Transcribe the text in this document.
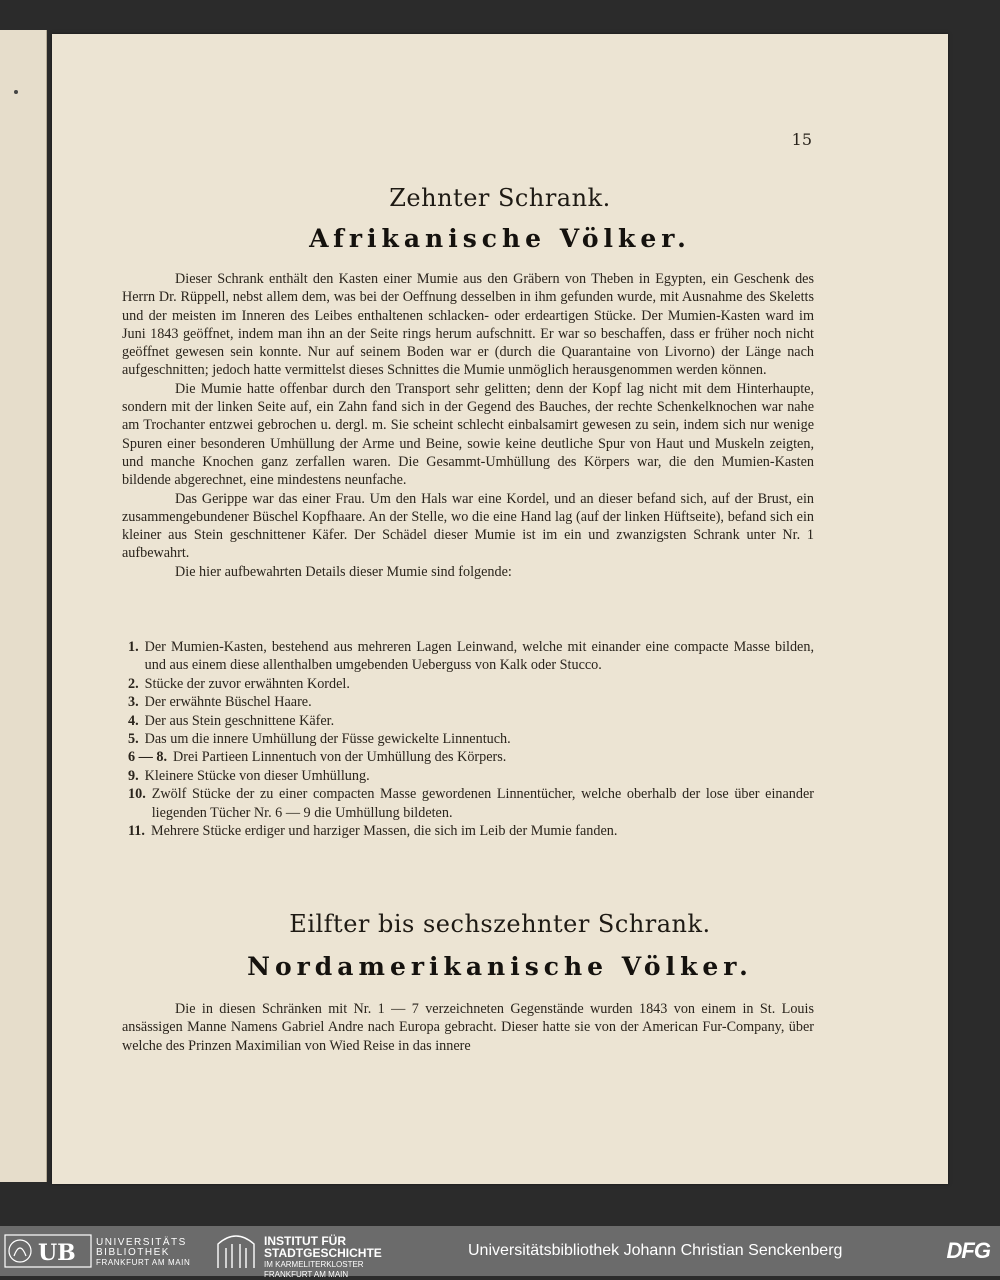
15
Zehnter Schrank.
Afrikanische Völker.

Dieser Schrank enthält den Kasten einer Mumie aus den Gräbern von Theben in Egypten, ein Geschenk des Herrn Dr. Rüppell, nebst allem dem, was bei der Oeffnung desselben in ihm gefunden wurde, mit Ausnahme des Skeletts und der meisten im Inneren des Leibes enthaltenen schlacken- oder erdeartigen Stücke. Der Mumien-Kasten ward im Juni 1843 geöffnet, indem man ihn an der Seite rings herum aufschnitt. Er war so beschaffen, dass er früher noch nicht geöffnet gewesen sein konnte. Nur auf seinem Boden war er (durch die Quarantaine von Livorno) der Länge nach aufgeschnitten; jedoch hatte vermittelst dieses Schnittes die Mumie unmöglich herausgenommen werden können.

Die Mumie hatte offenbar durch den Transport sehr gelitten; denn der Kopf lag nicht mit dem Hinterhaupte, sondern mit der linken Seite auf, ein Zahn fand sich in der Gegend des Bauches, der rechte Schenkelknochen war nahe am Trochanter entzwei gebrochen u. dergl. m. Sie scheint schlecht einbalsamirt gewesen zu sein, indem sich nur wenige Spuren einer besonderen Umhüllung der Arme und Beine, sowie keine deutliche Spur von Haut und Muskeln zeigten, und manche Knochen ganz zerfallen waren. Die Gesammt-Umhüllung des Körpers war, die den Mumien-Kasten bildende abgerechnet, eine mindestens neunfache.

Das Gerippe war das einer Frau. Um den Hals war eine Kordel, und an dieser befand sich, auf der Brust, ein zusammengebundener Büschel Kopfhaare. An der Stelle, wo die eine Hand lag (auf der linken Hüftseite), befand sich ein kleiner aus Stein geschnittener Käfer. Der Schädel dieser Mumie ist im ein und zwanzigsten Schrank unter Nr. 1 aufbewahrt.

Die hier aufbewahrten Details dieser Mumie sind folgende:

1. Der Mumien-Kasten, bestehend aus mehreren Lagen Leinwand, welche mit einander eine compacte Masse bilden, und aus einem diese allenthalben umgebenden Ueberguss von Kalk oder Stucco.
2. Stücke der zuvor erwähnten Kordel.
3. Der erwähnte Büschel Haare.
4. Der aus Stein geschnittene Käfer.
5. Das um die innere Umhüllung der Füsse gewickelte Linnentuch.
6 — 8. Drei Partieen Linnentuch von der Umhüllung des Körpers.
9. Kleinere Stücke von dieser Umhüllung.
10. Zwölf Stücke der zu einer compacten Masse gewordenen Linnentücher, welche oberhalb der lose über einander liegenden Tücher Nr. 6 — 9 die Umhüllung bildeten.
11. Mehrere Stücke erdiger und harziger Massen, die sich im Leib der Mumie fanden.
Eilfter bis sechszehnter Schrank.
Nordamerikanische Völker.

Die in diesen Schränken mit Nr. 1 — 7 verzeichneten Gegenstände wurden 1843 von einem in St. Louis ansässigen Manne Namens Gabriel Andre nach Europa gebracht. Dieser hatte sie von der American Fur-Company, über welche des Prinzen Maximilian von Wied Reise in das innere

UB UNIVERSITÄTS
BIBLIOTHEK
FRANKFURT AM MAIN
INSTITUT FÜR
STADTGESCHICHTE
IM KARMELITERKLOSTER
FRANKFURT AM MAIN
Universitätsbibliothek Johann Christian Senckenberg	DFG
